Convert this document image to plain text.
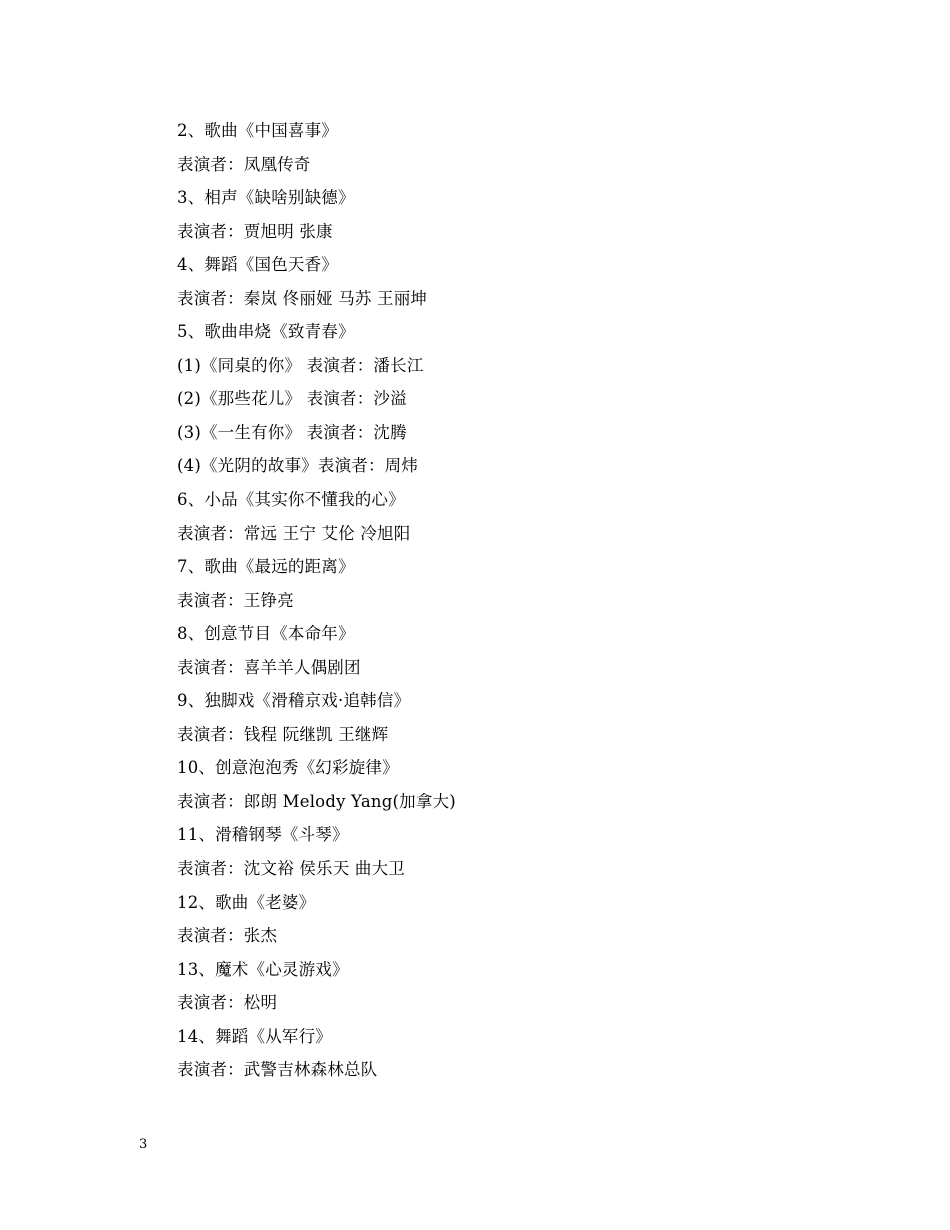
2、歌曲《中国喜事》
表演者：凤凰传奇
3、相声《缺啥别缺德》
表演者：贾旭明 张康
4、舞蹈《国色天香》
表演者：秦岚 佟丽娅 马苏 王丽坤
5、歌曲串烧《致青春》
(1)《同桌的你》 表演者：潘长江
(2)《那些花儿》 表演者：沙溢
(3)《一生有你》 表演者：沈腾
(4)《光阴的故事》表演者：周炜
6、小品《其实你不懂我的心》
表演者：常远 王宁 艾伦 冷旭阳
7、歌曲《最远的距离》
表演者：王铮亮
8、创意节目《本命年》
表演者：喜羊羊人偶剧团
9、独脚戏《滑稽京戏·追韩信》
表演者：钱程 阮继凯 王继辉
10、创意泡泡秀《幻彩旋律》
表演者：郎朗 Melody Yang(加拿大)
11、滑稽钢琴《斗琴》
表演者：沈文裕 侯乐天 曲大卫
12、歌曲《老婆》
表演者：张杰
13、魔术《心灵游戏》
表演者：松明
14、舞蹈《从军行》
表演者：武警吉林森林总队
3
